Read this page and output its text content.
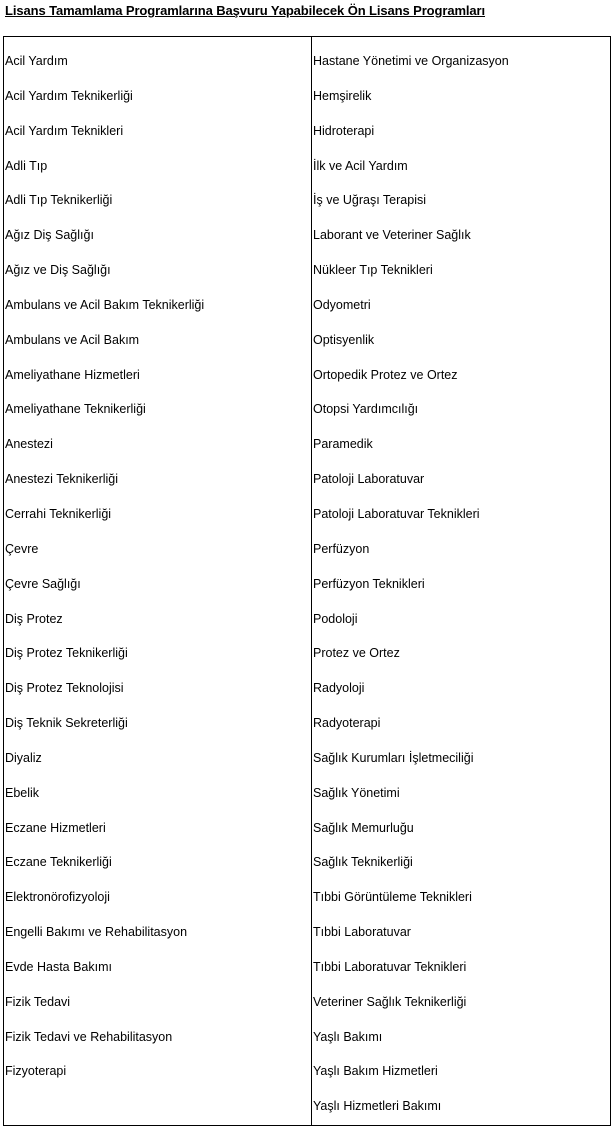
Lisans Tamamlama Programlarına Başvuru Yapabilecek Ön Lisans Programları
Acil Yardım
Acil Yardım Teknikerliği
Acil Yardım Teknikleri
Adli Tıp
Adli Tıp Teknikerliği
Ağız Diş Sağlığı
Ağız ve Diş Sağlığı
Ambulans ve Acil Bakım Teknikerliği
Ambulans ve Acil Bakım
Ameliyathane Hizmetleri
Ameliyathane Teknikerliği
Anestezi
Anestezi Teknikerliği
Cerrahi Teknikerliği
Çevre
Çevre Sağlığı
Diş Protez
Diş Protez Teknikerliği
Diş Protez Teknolojisi
Diş Teknik Sekreterliği
Diyaliz
Ebelik
Eczane Hizmetleri
Eczane Teknikerliği
Elektronörofizyoloji
Engelli Bakımı ve Rehabilitasyon
Evde Hasta Bakımı
Fizik Tedavi
Fizik Tedavi ve Rehabilitasyon
Fizyoterapi
Hastane Yönetimi ve Organizasyon
Hemşirelik
Hidroterapi
İlk ve Acil Yardım
İş ve Uğraşı Terapisi
Laborant ve Veteriner Sağlık
Nükleer Tıp Teknikleri
Odyometri
Optisyenlik
Ortopedik Protez ve Ortez
Otopsi Yardımcılığı
Paramedik
Patoloji Laboratuvar
Patoloji Laboratuvar Teknikleri
Perfüzyon
Perfüzyon Teknikleri
Podoloji
Protez ve Ortez
Radyoloji
Radyoterapi
Sağlık Kurumları İşletmeciliği
Sağlık Yönetimi
Sağlık Memurluğu
Sağlık Teknikerliği
Tıbbi Görüntüleme Teknikleri
Tıbbi Laboratuvar
Tıbbi Laboratuvar Teknikleri
Veteriner Sağlık Teknikerliği
Yaşlı Bakımı
Yaşlı Bakım Hizmetleri
Yaşlı Hizmetleri Bakımı
